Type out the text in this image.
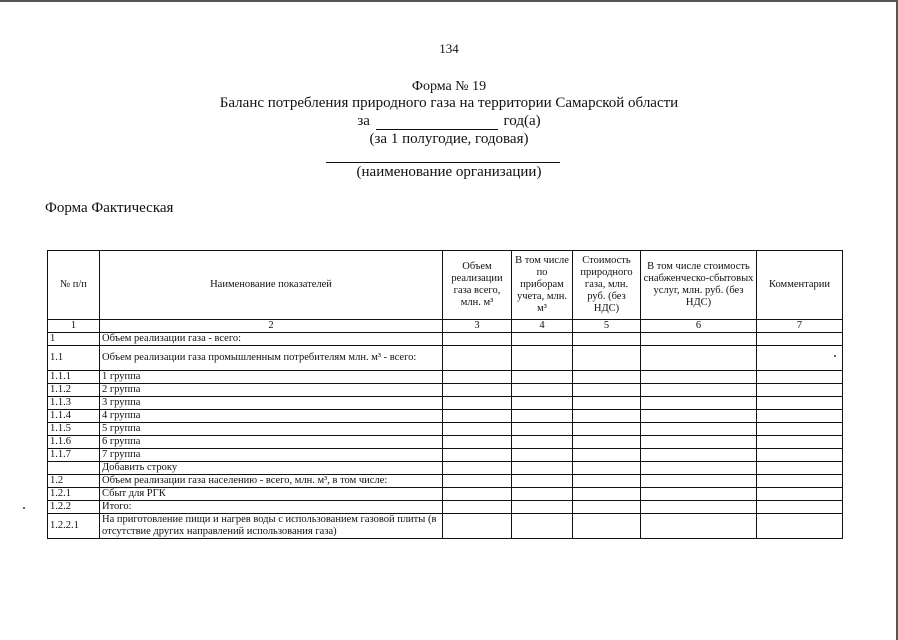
134
Форма № 19
Баланс потребления природного газа на территории Самарской области
за	год(а)
(за 1 полугодие, годовая)
(наименование организации)
Форма Фактическая
№ п/п	Наименование показателей	Объем реализации газа всего, млн. м³	В том числе по приборам учета, млн. м³	Стоимость природного газа, млн. руб. (без НДС)	В том числе стоимость снабженческо-сбытовых услуг, млн. руб. (без НДС)	Комментарии
1	2	3	4	5	6	7
1	Объем реализации газа - всего:					
1.1	Объем реализации газа промышленным потребителям млн. м³ - всего:					
1.1.1	1 группа					
1.1.2	2 группа					
1.1.3	3 группа					
1.1.4	4 группа					
1.1.5	5 группа					
1.1.6	6 группа					
1.1.7	7 группа					
	Добавить строку					
1.2	Объем реализации газа населению - всего, млн. м³, в том числе:					
1.2.1	Сбыт для РГК					
1.2.2	Итого:					
1.2.2.1	На приготовление пищи и нагрев воды с использованием газовой плиты (в отсутствие других направлений использования газа)					
